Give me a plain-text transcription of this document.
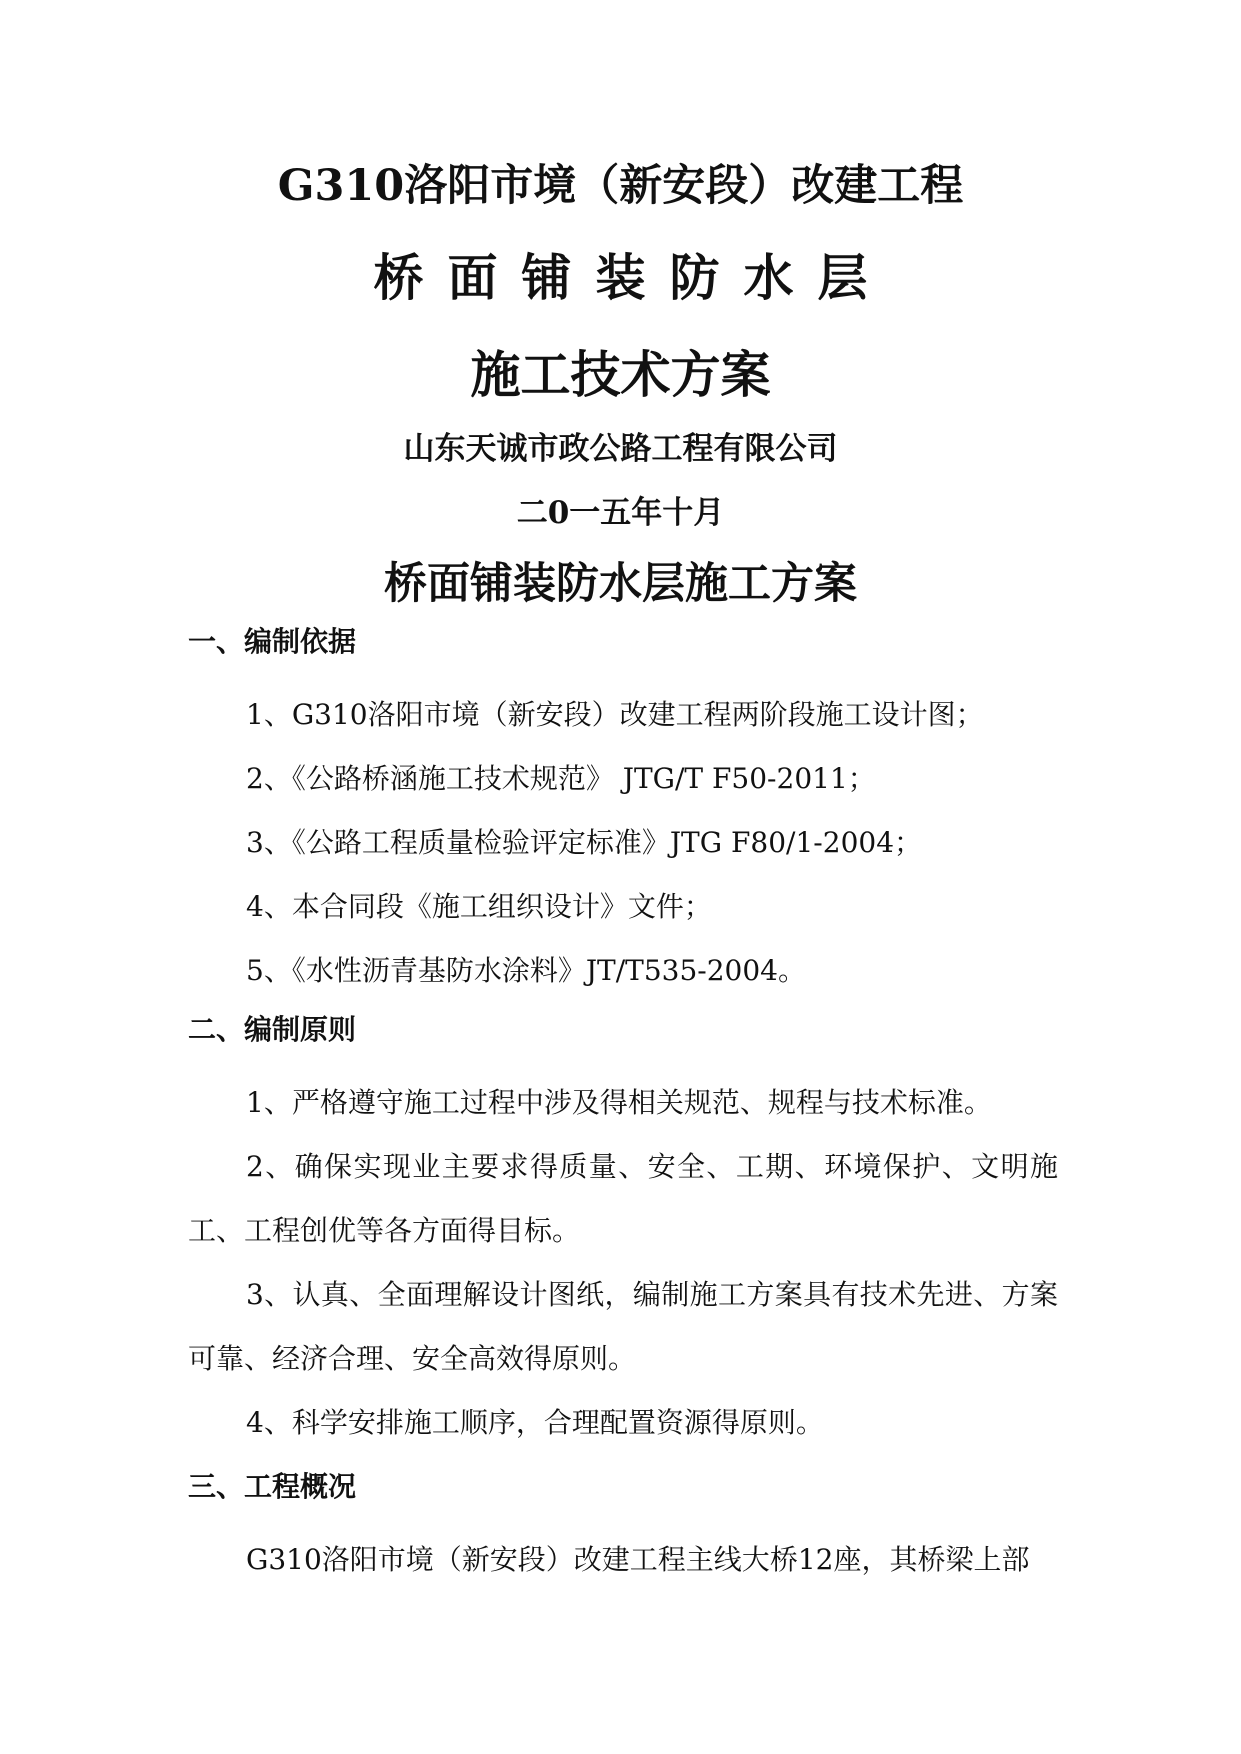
G310洛阳市境（新安段）改建工程
桥面铺装防水层
施工技术方案
山东天诚市政公路工程有限公司
二0一五年十月
桥面铺装防水层施工方案
一、编制依据
1、G310洛阳市境（新安段）改建工程两阶段施工设计图；
2、《公路桥涵施工技术规范》 JTG/T F50-2011；
3、《公路工程质量检验评定标准》JTG F80/1-2004；
4、本合同段《施工组织设计》文件；
5、《水性沥青基防水涂料》JT/T535-2004。
二、编制原则
1、严格遵守施工过程中涉及得相关规范、规程与技术标准。
2、确保实现业主要求得质量、安全、工期、环境保护、文明施工、工程创优等各方面得目标。
3、认真、全面理解设计图纸，编制施工方案具有技术先进、方案可靠、经济合理、安全高效得原则。
4、科学安排施工顺序，合理配置资源得原则。
三、工程概况
G310洛阳市境（新安段）改建工程主线大桥12座，其桥梁上部
